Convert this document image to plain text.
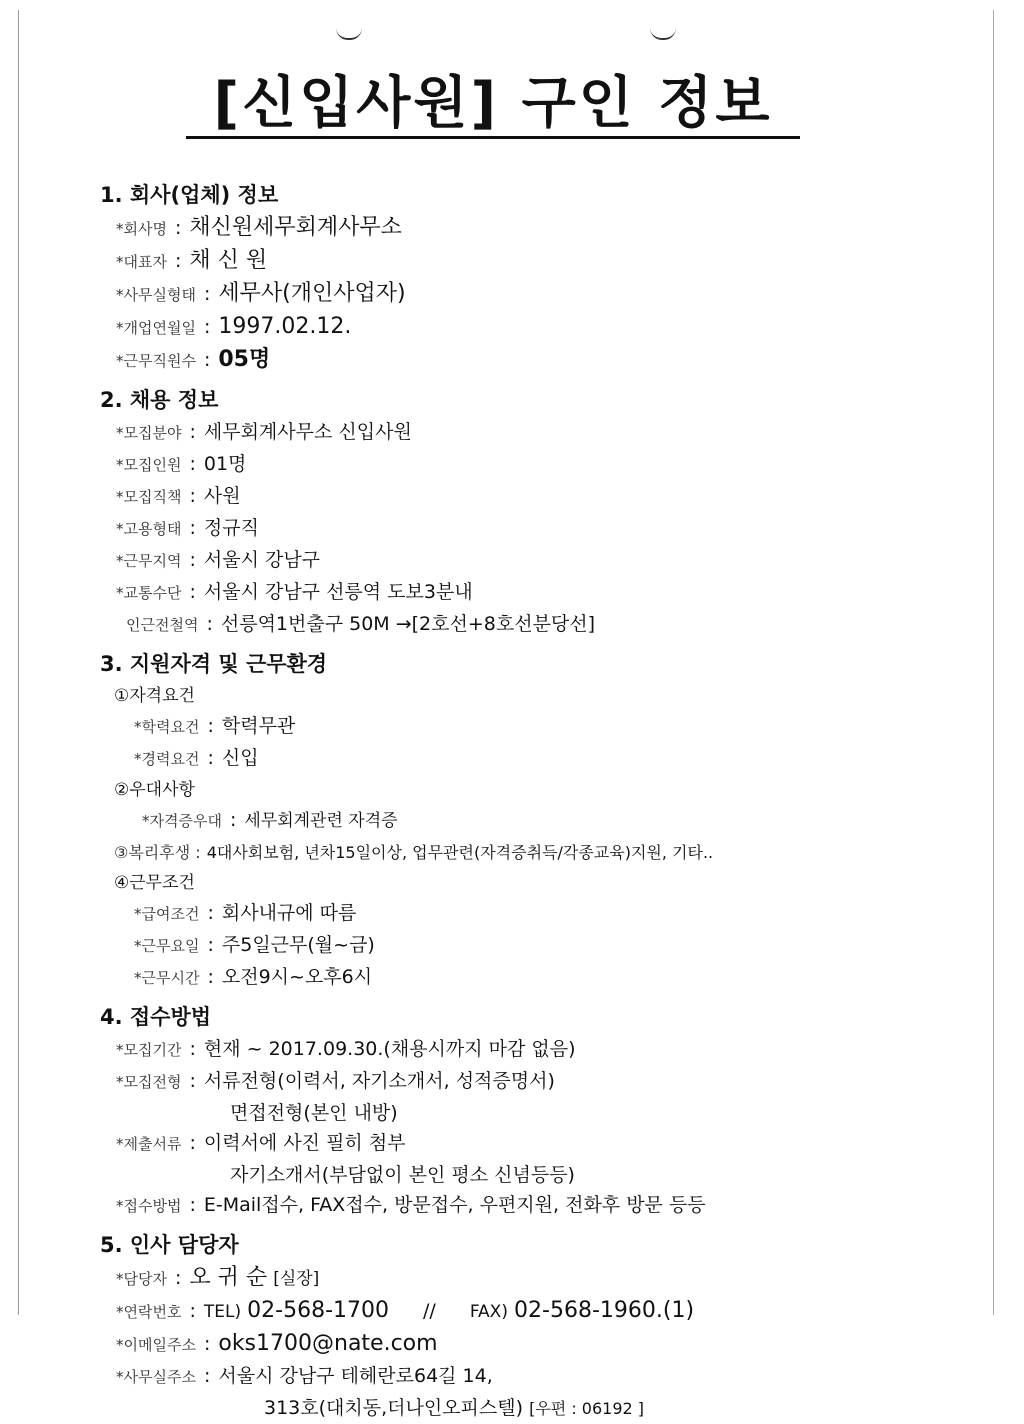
[신입사원] 구인 정보
1. 회사(업체) 정보
*회사명 : 채신원세무회계사무소
*대표자 : 채 신 원
*사무실형태 : 세무사(개인사업자)
*개업연월일 : 1997.02.12.
*근무직원수 : 05명
2. 채용 정보
*모집분야 : 세무회계사무소 신입사원
*모집인원 : 01명
*모집직책 : 사원
*고용형태 : 정규직
*근무지역 : 서울시 강남구
*교통수단 : 서울시 강남구 선릉역 도보3분내
인근전철역 : 선릉역1번출구 50M →[2호선+8호선분당선]
3. 지원자격 및 근무환경
①자격요건
*학력요건 : 학력무관
*경력요건 : 신입
②우대사항
*자격증우대 : 세무회계관련 자격증
③복리후생 : 4대사회보험, 년차15일이상, 업무관련(자격증취득/각종교육)지원, 기타..
④근무조건
*급여조건 : 회사내규에 따름
*근무요일 : 주5일근무(월~금)
*근무시간 : 오전9시~오후6시
4. 접수방법
*모집기간 : 현재 ~ 2017.09.30.(채용시까지 마감 없음)
*모집전형 : 서류전형(이력서, 자기소개서, 성적증명서)
면접전형(본인 내방)
*제출서류 : 이력서에 사진 필히 첨부
자기소개서(부담없이 본인 평소 신념등등)
*접수방법 : E-Mail접수, FAX접수, 방문접수, 우편지원, 전화후 방문 등등
5. 인사 담당자
*담당자 : 오 귀 순 [실장]
*연락번호 : TEL) 02-568-1700 // FAX) 02-568-1960.(1)
*이메일주소 : oks1700@nate.com
*사무실주소 : 서울시 강남구 테헤란로64길 14,
313호(대치동,더나인오피스텔) [우편 : 06192 ]
